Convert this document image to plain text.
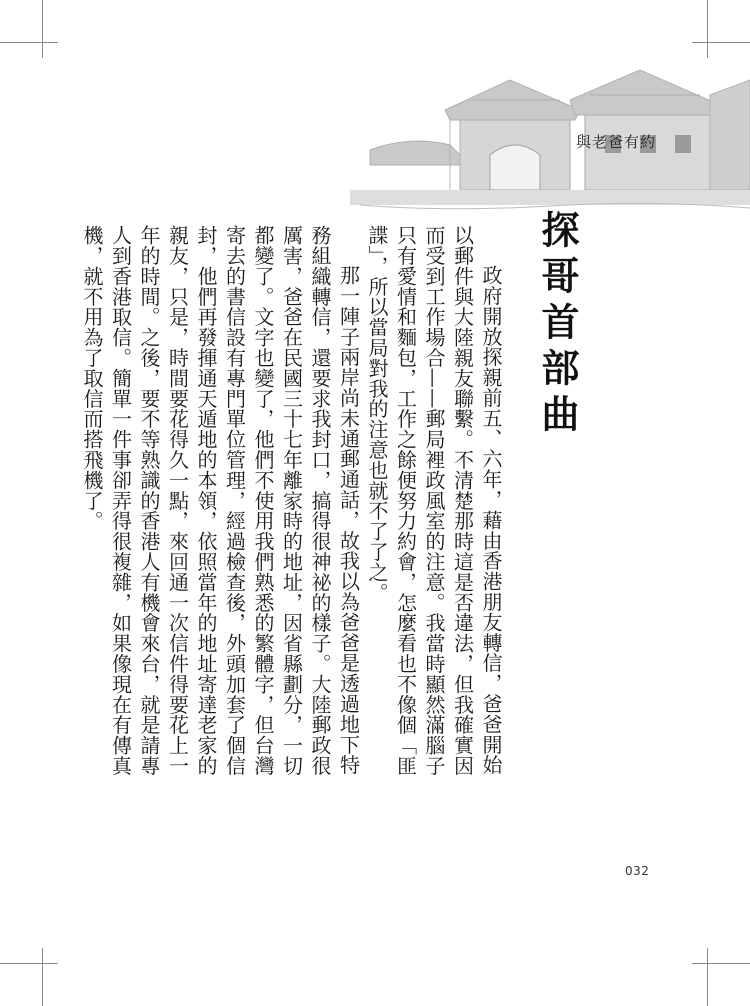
與老爸有約
探哥首部曲

政府開放探親前五、六年，藉由香港朋友轉信，爸爸開始以郵件與大陸親友聯繫。不清楚那時這是否違法，但我確實因而受到工作場合——郵局裡政風室的注意。我當時顯然滿腦子只有愛情和麵包，工作之餘便努力約會，怎麼看也不像個「匪諜」，所以當局對我的注意也就不了了之。

那一陣子兩岸尚未通郵通話，故我以為爸爸是透過地下特務組織轉信，還要求我封口，搞得很神祕的樣子。大陸郵政很厲害，爸爸在民國三十七年離家時的地址，因省縣劃分，一切都變了。文字也變了，他們不使用我們熟悉的繁體字，但台灣寄去的書信設有專門單位管理，經過檢查後，外頭加套了個信封，他們再發揮通天遁地的本領，依照當年的地址寄達老家的親友，只是，時間要花得久一點，來回通一次信件得要花上一年的時間。之後，要不等熟識的香港人有機會來台，就是請專人到香港取信。簡單一件事卻弄得很複雜，如果像現在有傳真機，就不用為了取信而搭飛機了。

032
